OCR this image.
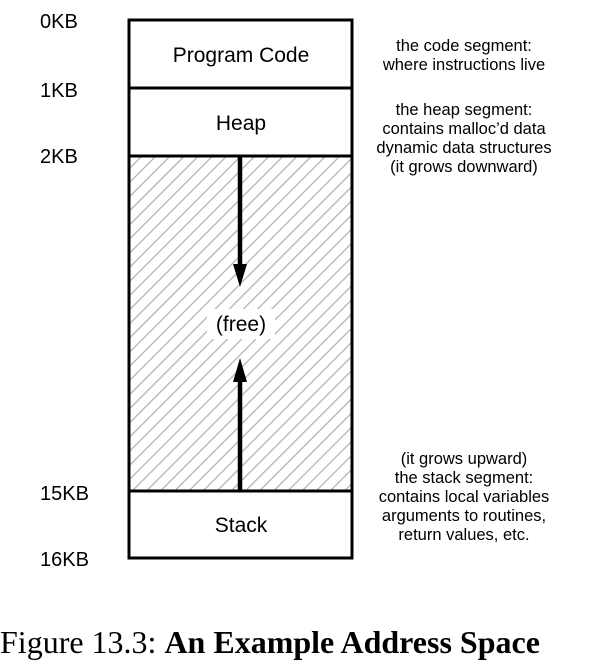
0KB
1KB
2KB
15KB
16KB
Program Code
Heap
(free)
Stack
the code segment:
where instructions live
the heap segment:
contains malloc’d data
dynamic data structures
(it grows downward)
(it grows upward)
the stack segment:
contains local variables
arguments to routines,
return values, etc.
Figure 13.3: An Example Address Space
